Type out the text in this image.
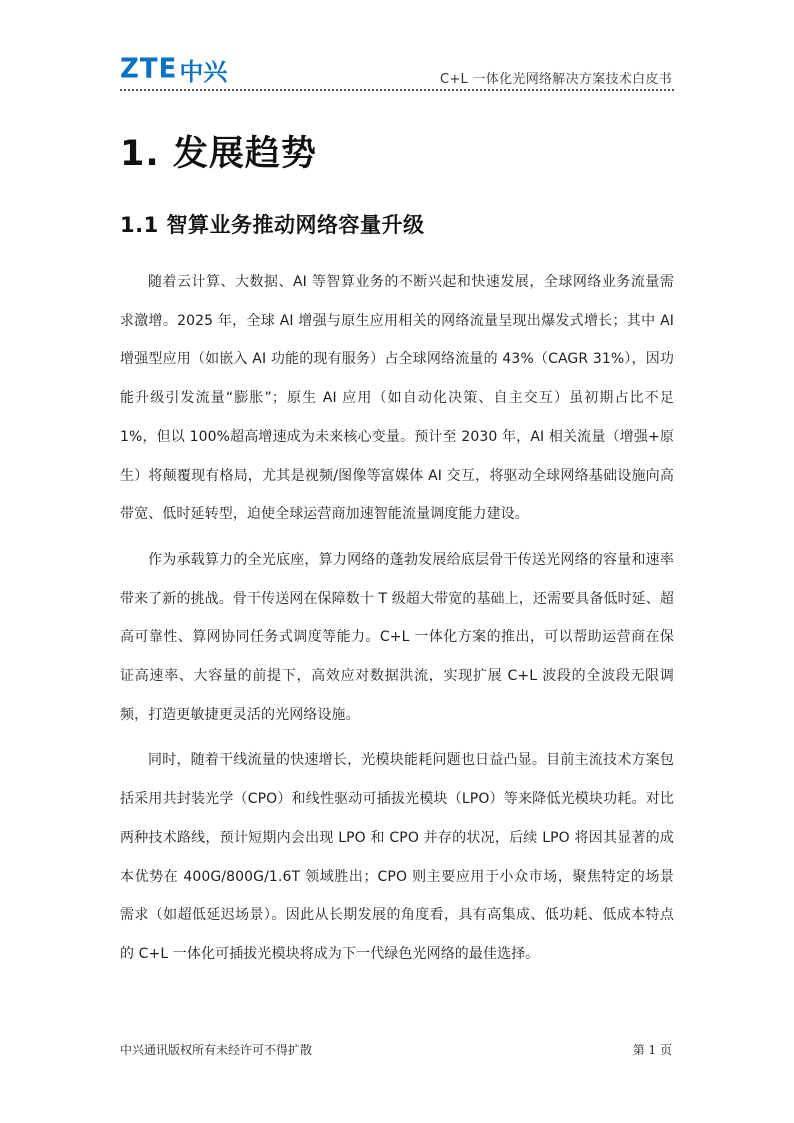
ZTE 中兴	C+L 一体化光网络解决方案技术白皮书
1. 发展趋势
1.1 智算业务推动网络容量升级

随着云计算、大数据、AI 等智算业务的不断兴起和快速发展，全球网络业务流量需求激增。2025 年，全球 AI 增强与原生应用相关的网络流量呈现出爆发式增长；其中 AI 增强型应用（如嵌入 AI 功能的现有服务）占全球网络流量的 43%（CAGR 31%），因功能升级引发流量“膨胀”；原生 AI 应用（如自动化决策、自主交互）虽初期占比不足 1%，但以 100%超高增速成为未来核心变量。预计至 2030 年，AI 相关流量（增强+原生）将颠覆现有格局，尤其是视频/图像等富媒体 AI 交互，将驱动全球网络基础设施向高带宽、低时延转型，迫使全球运营商加速智能流量调度能力建设。

作为承载算力的全光底座，算力网络的蓬勃发展给底层骨干传送光网络的容量和速率带来了新的挑战。骨干传送网在保障数十 T 级超大带宽的基础上，还需要具备低时延、超高可靠性、算网协同任务式调度等能力。C+L 一体化方案的推出，可以帮助运营商在保证高速率、大容量的前提下，高效应对数据洪流，实现扩展 C+L 波段的全波段无限调频，打造更敏捷更灵活的光网络设施。

同时，随着干线流量的快速增长，光模块能耗问题也日益凸显。目前主流技术方案包括采用共封装光学（CPO）和线性驱动可插拔光模块（LPO）等来降低光模块功耗。对比两种技术路线，预计短期内会出现 LPO 和 CPO 并存的状况，后续 LPO 将因其显著的成本优势在 400G/800G/1.6T 领域胜出；CPO 则主要应用于小众市场，聚焦特定的场景需求（如超低延迟场景）。因此从长期发展的角度看，具有高集成、低功耗、低成本特点的 C+L 一体化可插拔光模块将成为下一代绿色光网络的最佳选择。

中兴通讯版权所有未经许可不得扩散	第 1 页
